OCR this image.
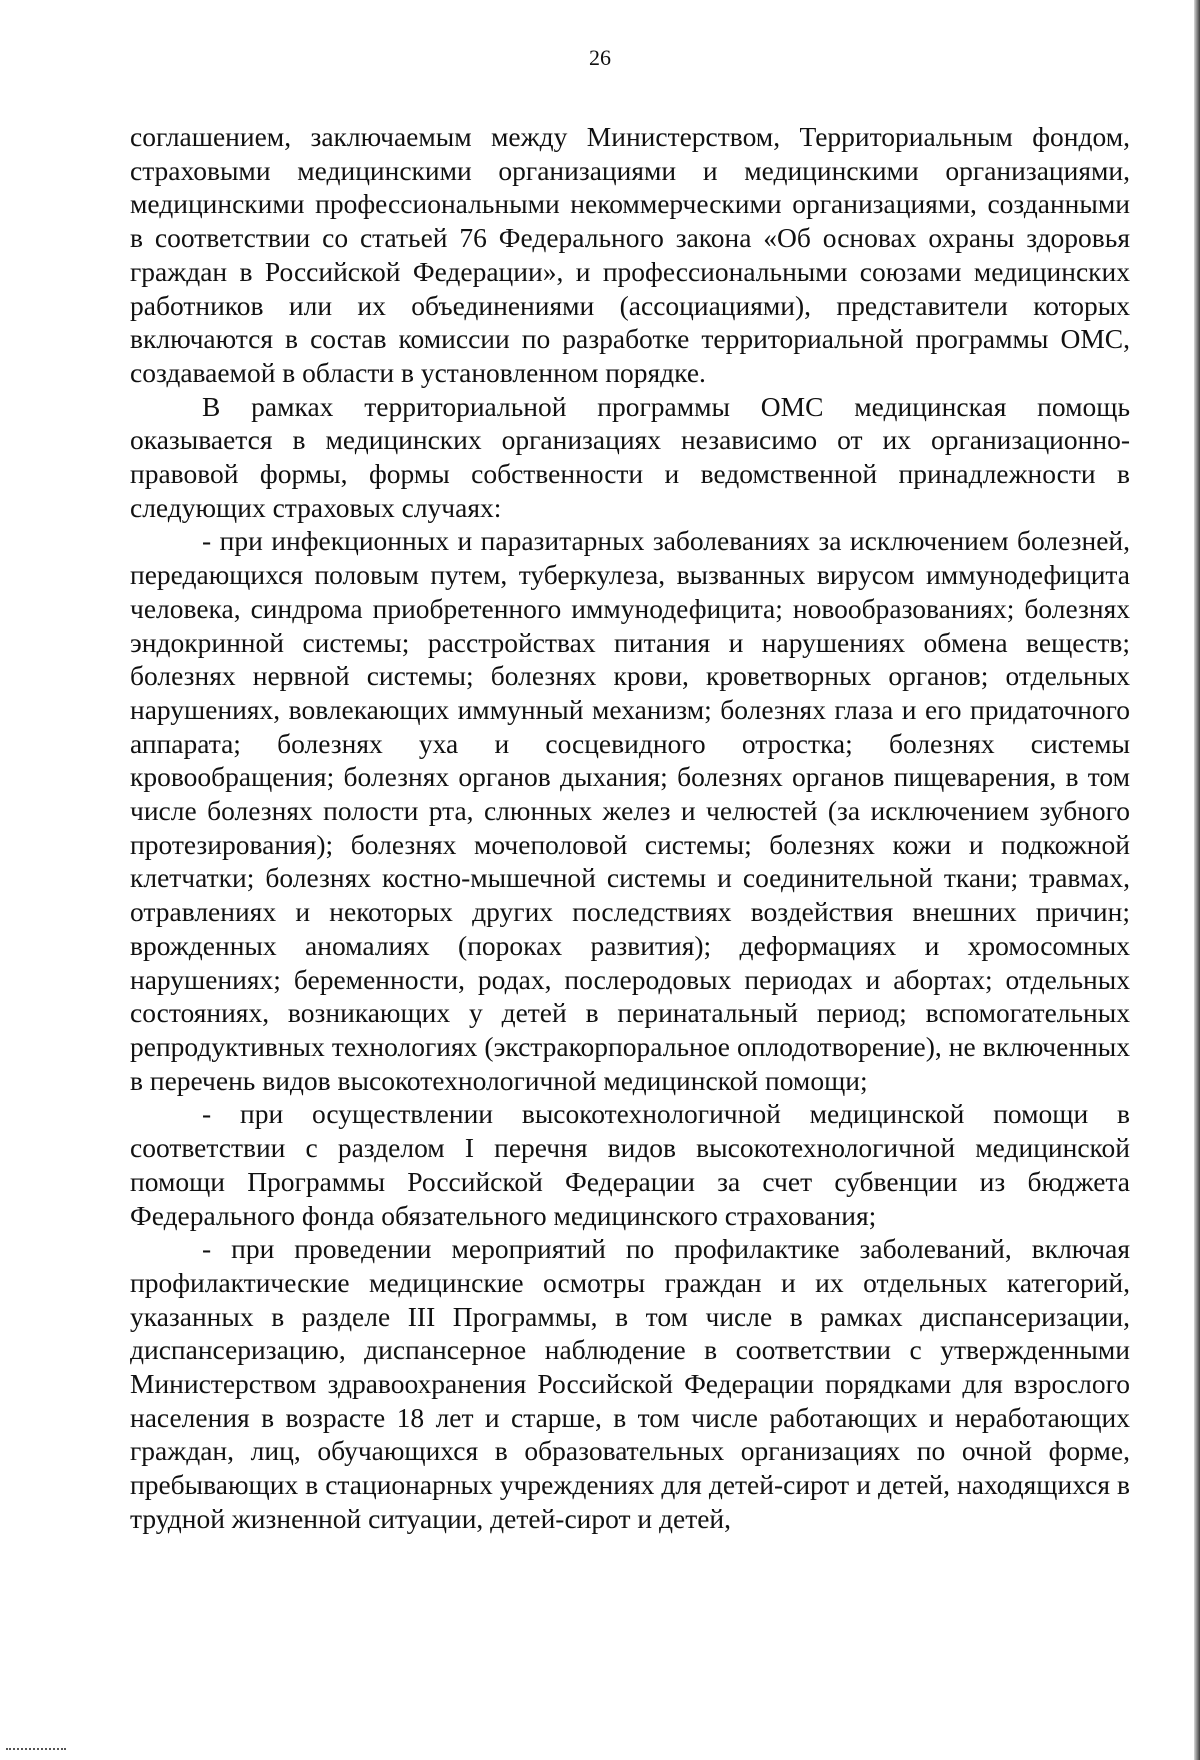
26

соглашением, заключаемым между Министерством, Территориальным фондом, страховыми медицинскими организациями и медицинскими организациями, медицинскими профессиональными некоммерческими организациями, созданными в соответствии со статьей 76 Федерального закона «Об основах охраны здоровья граждан в Российской Федерации», и профессиональными союзами медицинских работников или их объединениями (ассоциациями), представители которых включаются в состав комиссии по разработке территориальной программы ОМС, создаваемой в области в установленном порядке.

В рамках территориальной программы ОМС медицинская помощь оказывается в медицинских организациях независимо от их организационно-правовой формы, формы собственности и ведомственной принадлежности в следующих страховых случаях:

- при инфекционных и паразитарных заболеваниях за исключением болезней, передающихся половым путем, туберкулеза, вызванных вирусом иммунодефицита человека, синдрома приобретенного иммунодефицита; новообразованиях; болезнях эндокринной системы; расстройствах питания и нарушениях обмена веществ; болезнях нервной системы; болезнях крови, кроветворных органов; отдельных нарушениях, вовлекающих иммунный механизм; болезнях глаза и его придаточного аппарата; болезнях уха и сосцевидного отростка; болезнях системы кровообращения; болезнях органов дыхания; болезнях органов пищеварения, в том числе болезнях полости рта, слюнных желез и челюстей (за исключением зубного протезирования); болезнях мочеполовой системы; болезнях кожи и подкожной клетчатки; болезнях костно-мышечной системы и соединительной ткани; травмах, отравлениях и некоторых других последствиях воздействия внешних причин; врожденных аномалиях (пороках развития); деформациях и хромосомных нарушениях; беременности, родах, послеродовых периодах и абортах; отдельных состояниях, возникающих у детей в перинатальный период; вспомогательных репродуктивных технологиях (экстракорпоральное оплодотворение), не включенных в перечень видов высокотехнологичной медицинской помощи;

- при осуществлении высокотехнологичной медицинской помощи в соответствии с разделом I перечня видов высокотехнологичной медицинской помощи Программы Российской Федерации за счет субвенции из бюджета Федерального фонда обязательного медицинского страхования;

- при проведении мероприятий по профилактике заболеваний, включая профилактические медицинские осмотры граждан и их отдельных категорий, указанных в разделе III Программы, в том числе в рамках диспансеризации, диспансеризацию, диспансерное наблюдение в соответствии с утвержденными Министерством здравоохранения Российской Федерации порядками для взрослого населения в возрасте 18 лет и старше, в том числе работающих и неработающих граждан, лиц, обучающихся в образовательных организациях по очной форме, пребывающих в стационарных учреждениях для детей-сирот и детей, находящихся в трудной жизненной ситуации, детей-сирот и детей,
